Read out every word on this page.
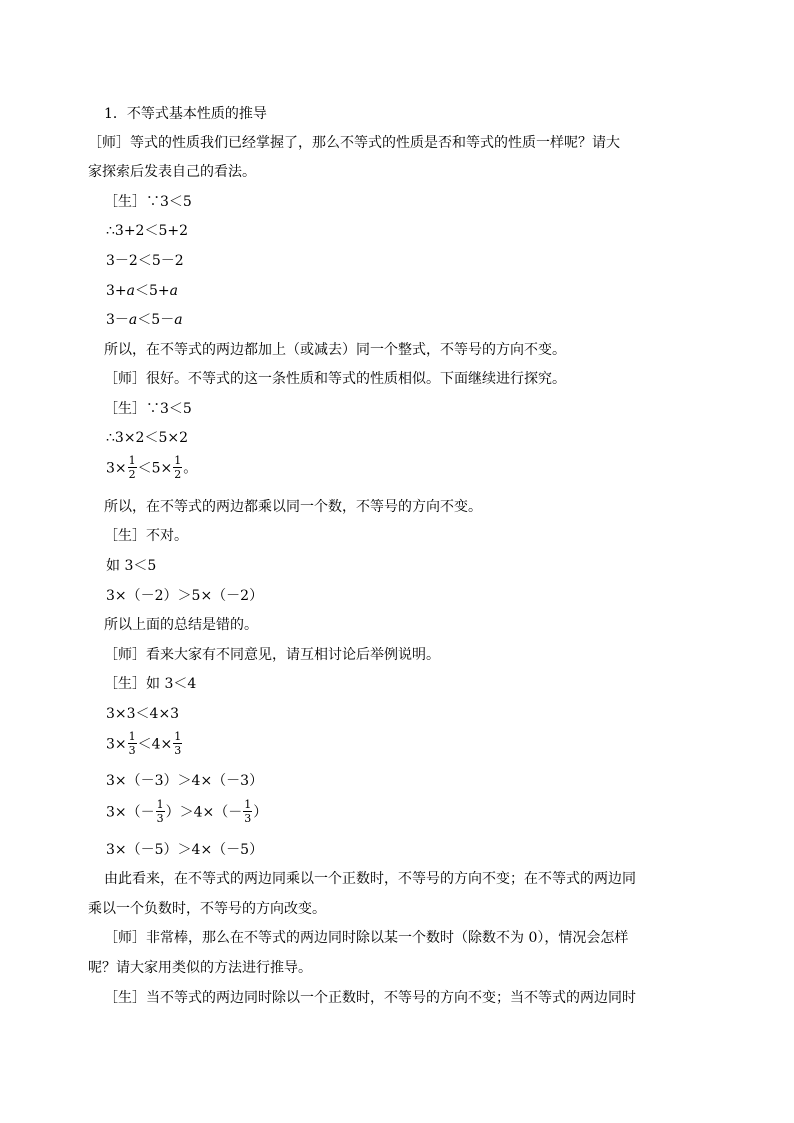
1．不等式基本性质的推导
［师］等式的性质我们已经掌握了，那么不等式的性质是否和等式的性质一样呢？请大
家探索后发表自己的看法。
［生］∵3＜5
∴3+2＜5+2
3－2＜5－2
3+a＜5+a
3－a＜5－a
所以，在不等式的两边都加上（或减去）同一个整式，不等号的方向不变。
［师］很好。不等式的这一条性质和等式的性质相似。下面继续进行探究。
［生］∵3＜5
∴3×2＜5×2
$3\times \frac{1}{2} <5\times \frac{1}{2}$ 。
所以，在不等式的两边都乘以同一个数，不等号的方向不变。
［生］不对。
如 3＜5
3×（－2）＞5×（－2）
所以上面的总结是错的。
［师］看来大家有不同意见，请互相讨论后举例说明。
［生］如 3＜4
3×3＜4×3
$3\times \frac{1}{3} <4\times \frac{1}{3}$
3×（－3）＞4×（－3）
$3\times(- \frac{1}{3} )>4\times(- \frac{1}{3}$ ）
3×（－5）＞4×（－5）
由此看来，在不等式的两边同乘以一个正数时，不等号的方向不变；在不等式的两边同
乘以一个负数时，不等号的方向改变。
［师］非常棒，那么在不等式的两边同时除以某一个数时（除数不为 0），情况会怎样
呢？请大家用类似的方法进行推导。
［生］当不等式的两边同时除以一个正数时，不等号的方向不变；当不等式的两边同时
